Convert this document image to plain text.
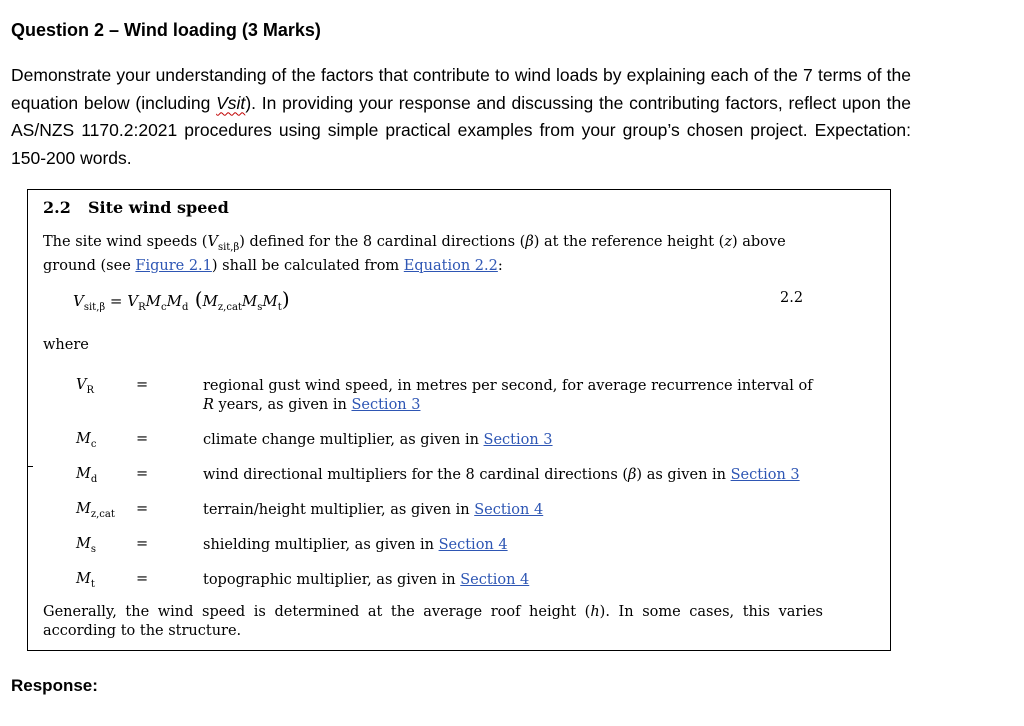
Question 2 – Wind loading (3 Marks)

Demonstrate your understanding of the factors that contribute to wind loads by explaining each of the 7 terms of the equation below (including Vsit). In providing your response and discussing the contributing factors, reflect upon the AS/NZS 1170.2:2021 procedures using simple practical examples from your group’s chosen project. Expectation: 150-200 words.

2.2 Site wind speed
The site wind speeds $(V_{sit,\beta})$ defined for the 8 cardinal directions (β) at the reference height (z) above ground (see Figure 2.1) shall be calculated from Equation 2.2:
$V_{sit,\beta} = V_RM_cM_d$ $(M_{z,cat}M_sM_t)$	2.2
where
$V_R$	=	regional gust wind speed, in metres per second, for average recurrence interval of R years, as given in Section 3
$M_c$	=	climate change multiplier, as given in Section 3
$M_d$	=	wind directional multipliers for the 8 cardinal directions (β) as given in Section 3
$M_{z,cat}$ =	terrain/height multiplier, as given in Section 4
$M_s$	=	shielding multiplier, as given in Section 4
$M_t$	=	topographic multiplier, as given in Section 4
Generally, the wind speed is determined at the average roof height (h). In some cases, this varies according to the structure.

Response:
